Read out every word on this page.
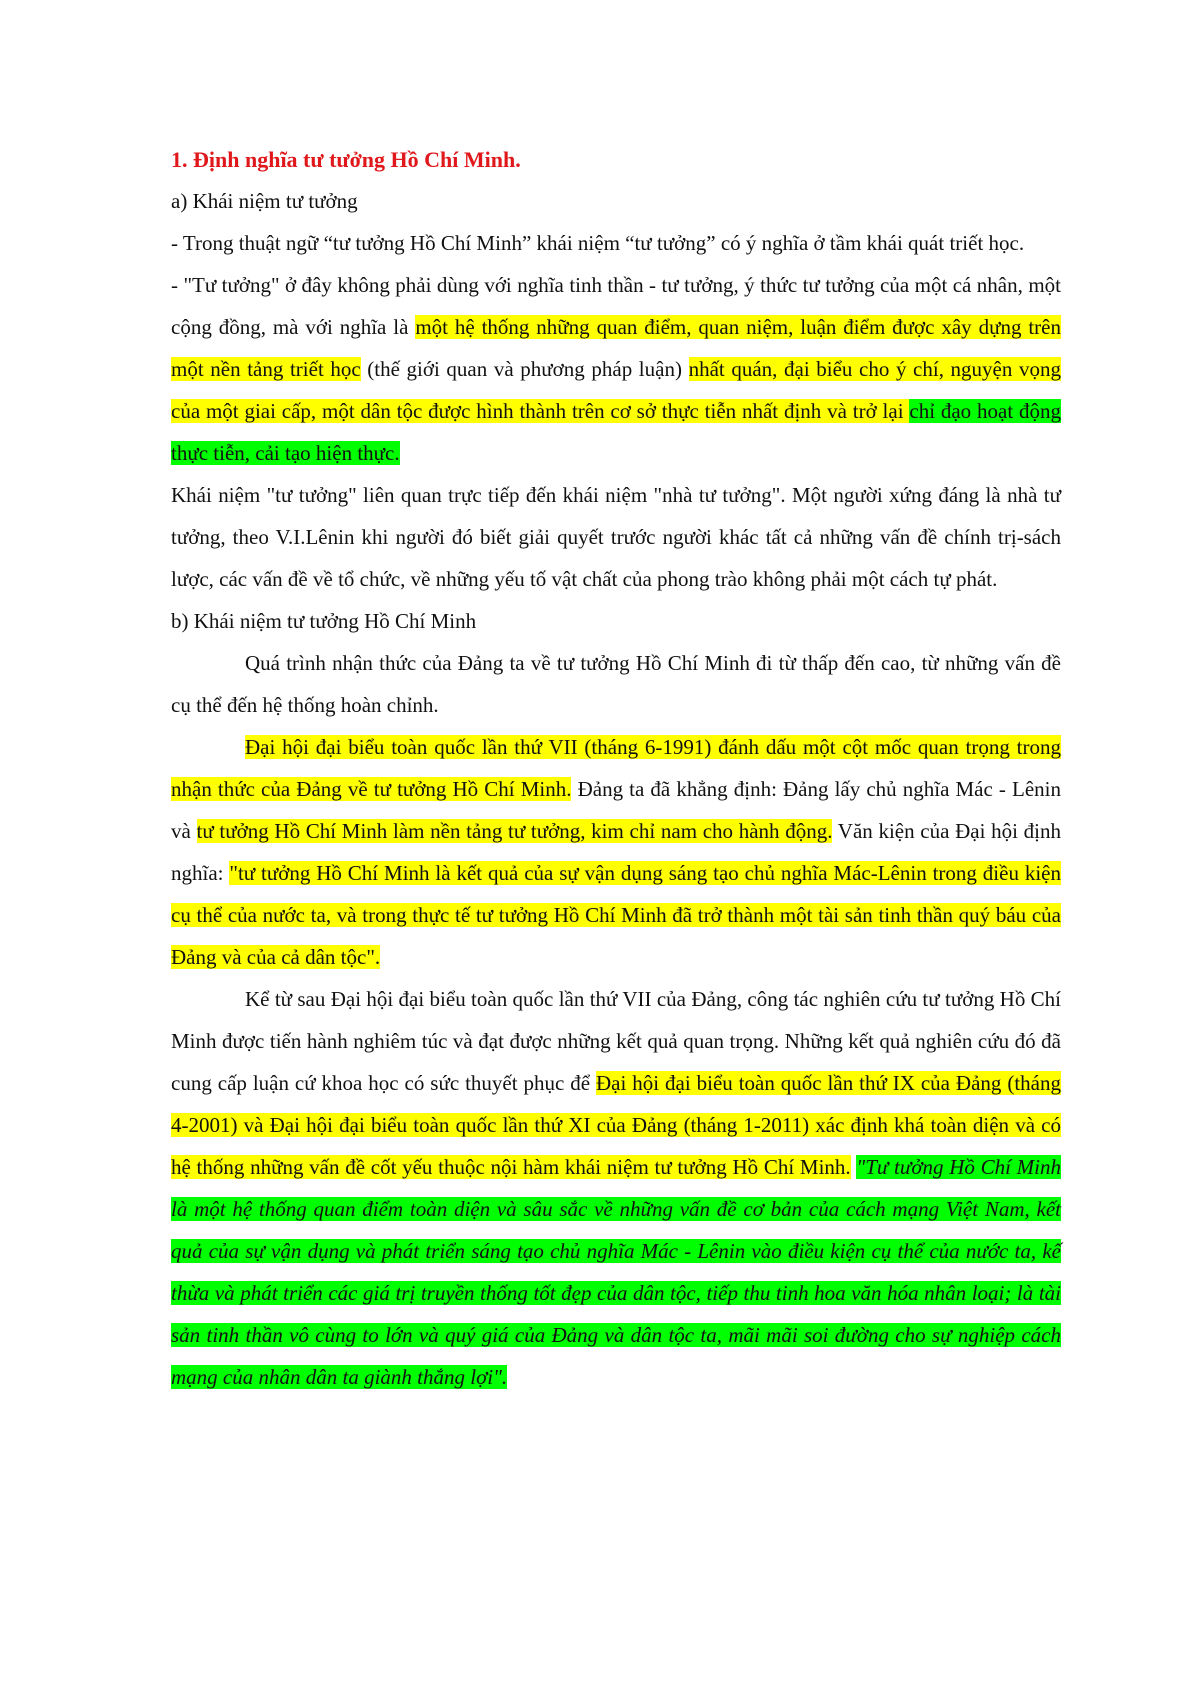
1. Định nghĩa tư tưởng Hồ Chí Minh.

a) Khái niệm tư tưởng

- Trong thuật ngữ “tư tưởng Hồ Chí Minh” khái niệm “tư tưởng” có ý nghĩa ở tầm khái quát triết học.

- "Tư tưởng" ở đây không phải dùng với nghĩa tinh thần - tư tưởng, ý thức tư tưởng của một cá nhân, một cộng đồng, mà với nghĩa là một hệ thống những quan điểm, quan niệm, luận điểm được xây dựng trên một nền tảng triết học (thế giới quan và phương pháp luận) nhất quán, đại biểu cho ý chí, nguyện vọng của một giai cấp, một dân tộc được hình thành trên cơ sở thực tiễn nhất định và trở lại chỉ đạo hoạt động thực tiễn, cải tạo hiện thực.

Khái niệm "tư tưởng" liên quan trực tiếp đến khái niệm "nhà tư tưởng". Một người xứng đáng là nhà tư tưởng, theo V.I.Lênin khi người đó biết giải quyết trước người khác tất cả những vấn đề chính trị-sách lược, các vấn đề về tổ chức, về những yếu tố vật chất của phong trào không phải một cách tự phát.

b) Khái niệm tư tưởng Hồ Chí Minh

Quá trình nhận thức của Đảng ta về tư tưởng Hồ Chí Minh đi từ thấp đến cao, từ những vấn đề cụ thể đến hệ thống hoàn chỉnh.

Đại hội đại biểu toàn quốc lần thứ VII (tháng 6-1991) đánh dấu một cột mốc quan trọng trong nhận thức của Đảng về tư tưởng Hồ Chí Minh. Đảng ta đã khẳng định: Đảng lấy chủ nghĩa Mác - Lênin và tư tưởng Hồ Chí Minh làm nền tảng tư tưởng, kim chỉ nam cho hành động. Văn kiện của Đại hội định nghĩa: "tư tưởng Hồ Chí Minh là kết quả của sự vận dụng sáng tạo chủ nghĩa Mác-Lênin trong điều kiện cụ thể của nước ta, và trong thực tế tư tưởng Hồ Chí Minh đã trở thành một tài sản tinh thần quý báu của Đảng và của cả dân tộc".

Kể từ sau Đại hội đại biểu toàn quốc lần thứ VII của Đảng, công tác nghiên cứu tư tưởng Hồ Chí Minh được tiến hành nghiêm túc và đạt được những kết quả quan trọng. Những kết quả nghiên cứu đó đã cung cấp luận cứ khoa học có sức thuyết phục để Đại hội đại biểu toàn quốc lần thứ IX của Đảng (tháng 4-2001) và Đại hội đại biểu toàn quốc lần thứ XI của Đảng (tháng 1-2011) xác định khá toàn diện và có hệ thống những vấn đề cốt yếu thuộc nội hàm khái niệm tư tưởng Hồ Chí Minh. "Tư tưởng Hồ Chí Minh là một hệ thống quan điểm toàn diện và sâu sắc về những vấn đề cơ bản của cách mạng Việt Nam, kết quả của sự vận dụng và phát triển sáng tạo chủ nghĩa Mác - Lênin vào điều kiện cụ thể của nước ta, kế thừa và phát triển các giá trị truyền thống tốt đẹp của dân tộc, tiếp thu tinh hoa văn hóa nhân loại; là tài sản tinh thần vô cùng to lớn và quý giá của Đảng và dân tộc ta, mãi mãi soi đường cho sự nghiệp cách mạng của nhân dân ta giành thắng lợi".
